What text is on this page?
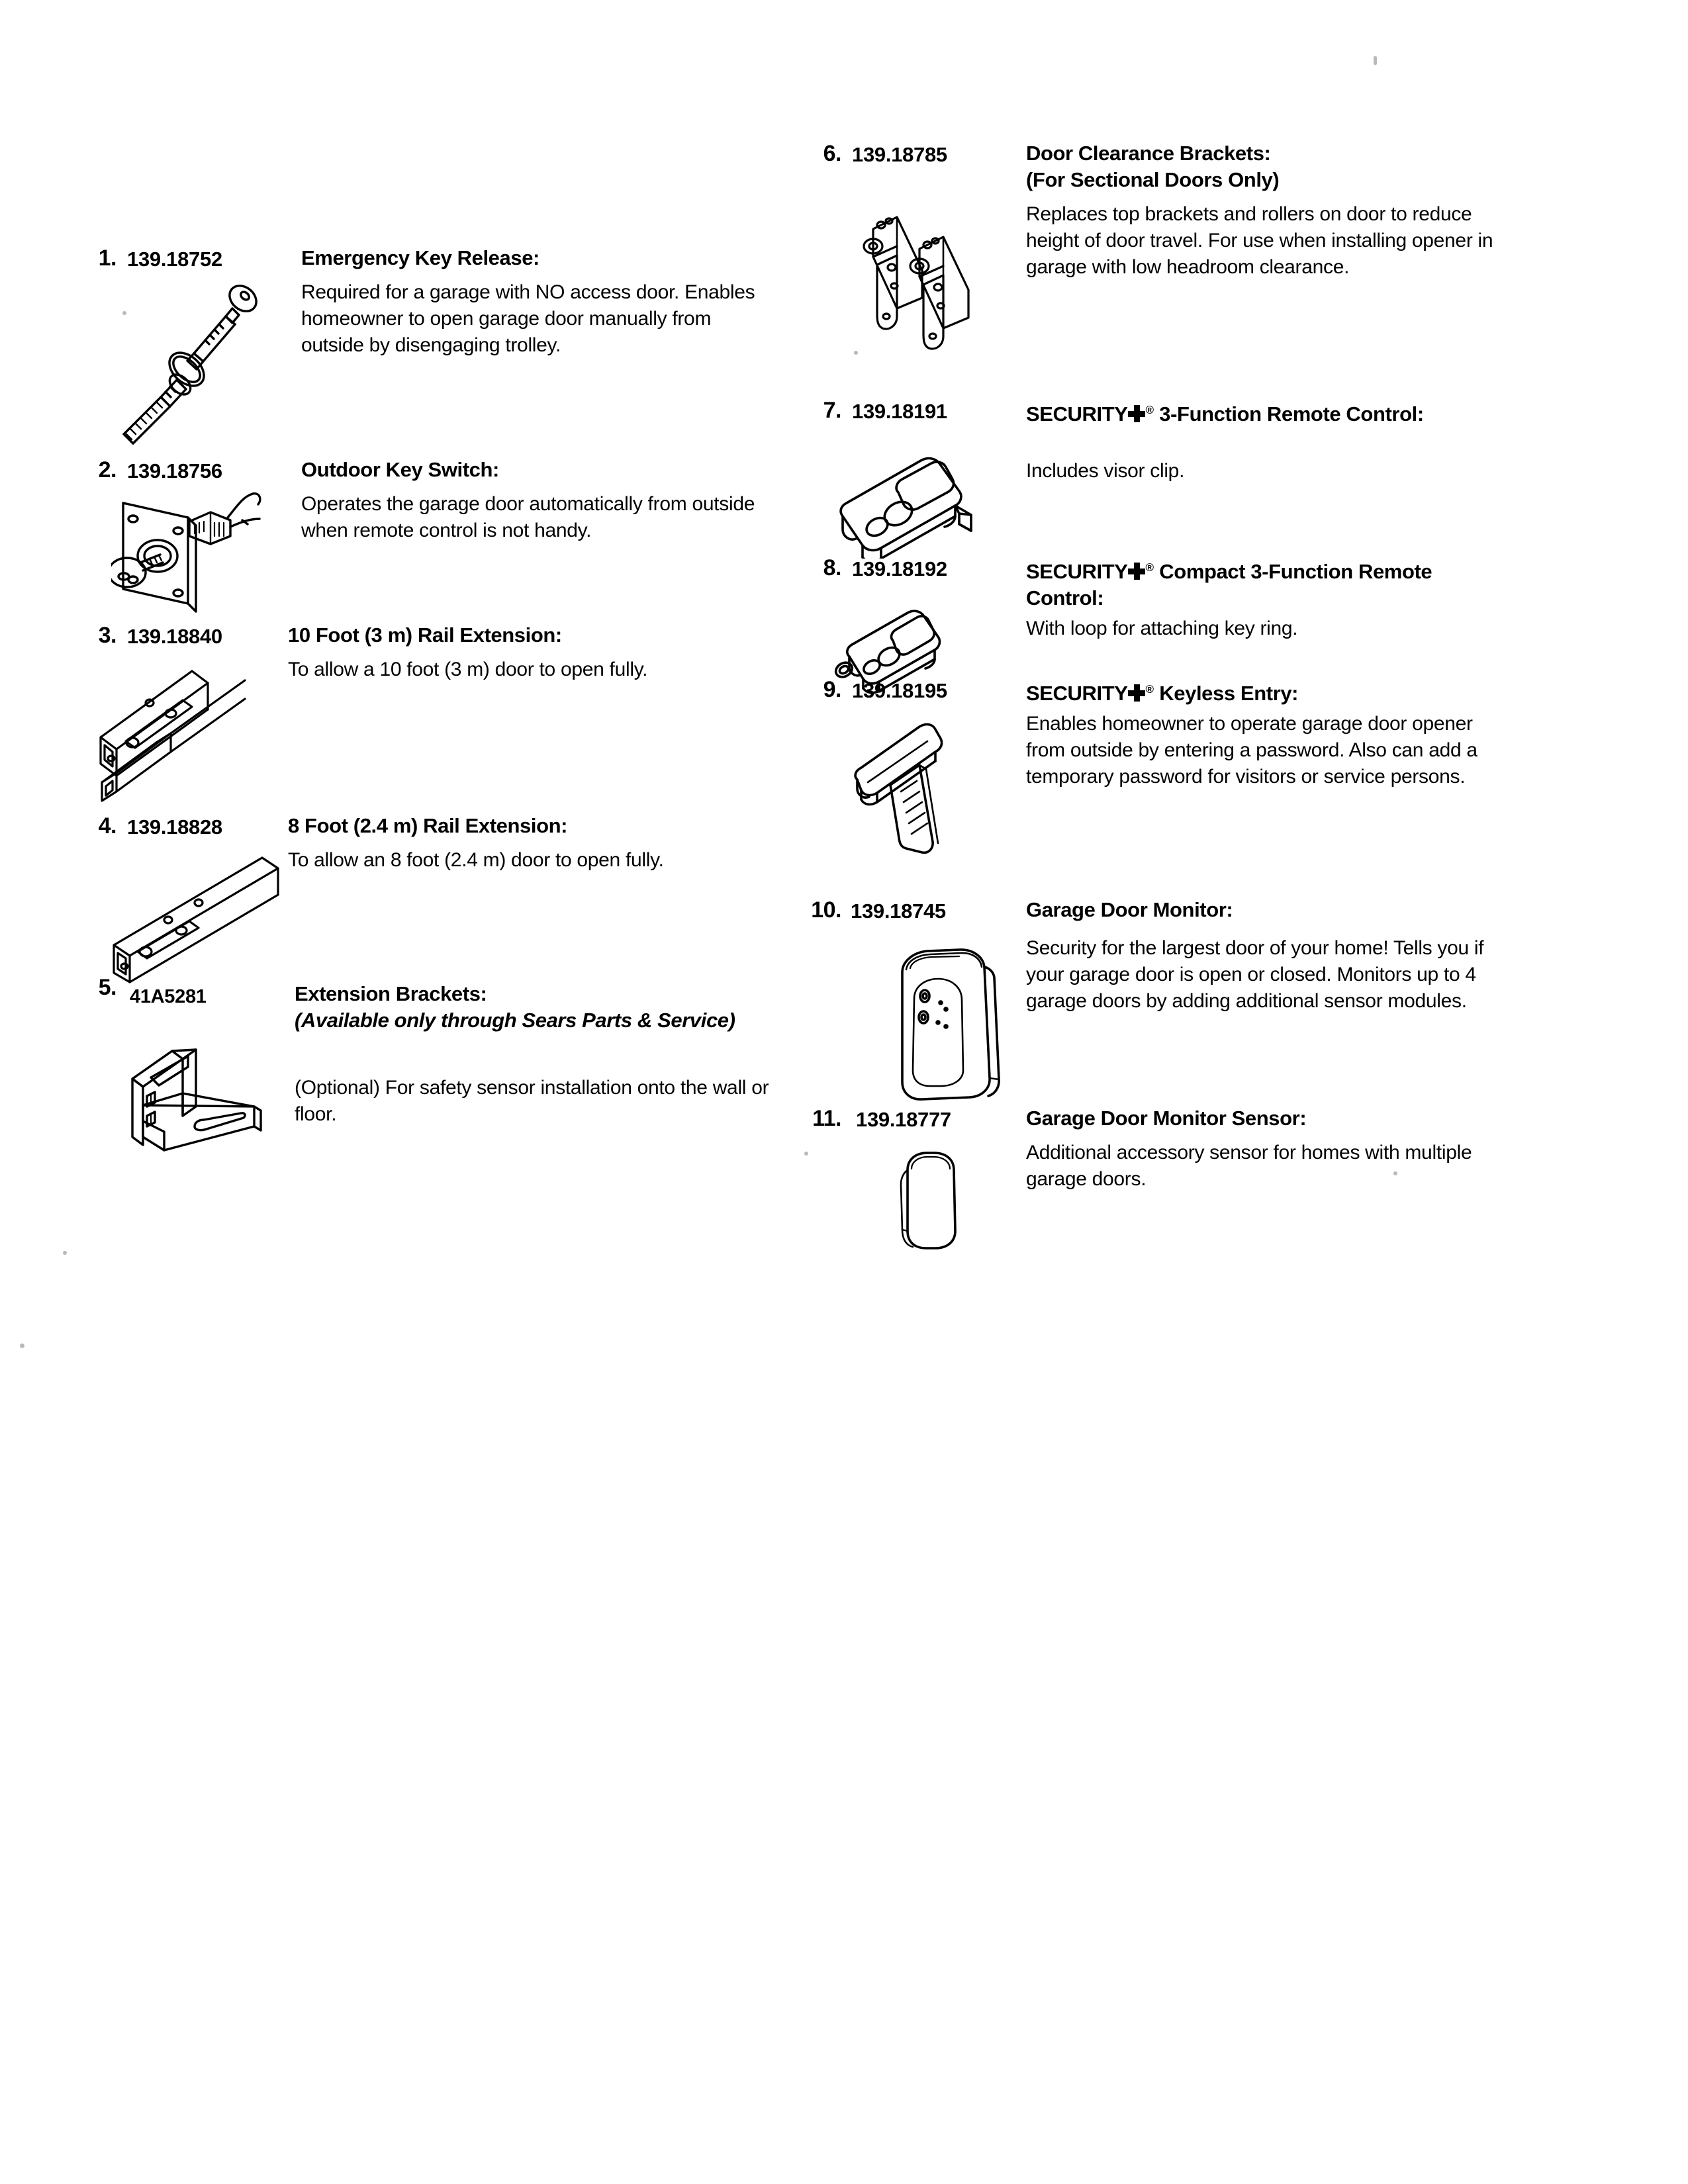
1 . 139.18752	Emergency Key Release:
Required for a garage with NO access door. Enables homeowner to open garage door manually from outside by disengaging trolley.
2 . 139.18756	Outdoor Key Switch:
Operates the garage door automatically from outside when remote control is not handy.
3 . 139.18840	10 Foot (3 m) Rail Extension:
To allow a 10 foot (3 m) door to open fully.
4 . 139.18828	8 Foot (2.4 m) Rail Extension:
To allow an 8 foot (2.4 m) door to open fully.
5 . 41A5281	Extension Brackets:
(Available only through Sears Parts & Service)
(Optional) For safety sensor installation onto the wall or floor.
6 . 139.18785	Door Clearance Brackets:
(For Sectional Doors Only)
Replaces top brackets and rollers on door to reduce height of door travel. For use when installing opener in garage with low headroom clearance.
7 . 139.18191	SECURITY ® 3-Function Remote Control:
Includes visor clip.
8 . 139.18192	SECURITY ® Compact 3-Function Remote Control:
With loop for attaching key ring.
9 . 139.18195	SECURITY ® Keyless Entry:
Enables homeowner to operate garage door opener from outside by entering a password. Also can add a temporary password for visitors or service persons.
10 . 139.18745	Garage Door Monitor:
Security for the largest door of your home! Tells you if your garage door is open or closed. Monitors up to 4 garage doors by adding additional sensor modules.
11 . 139.18777	Garage Door Monitor Sensor:
Additional accessory sensor for homes with multiple garage doors.
